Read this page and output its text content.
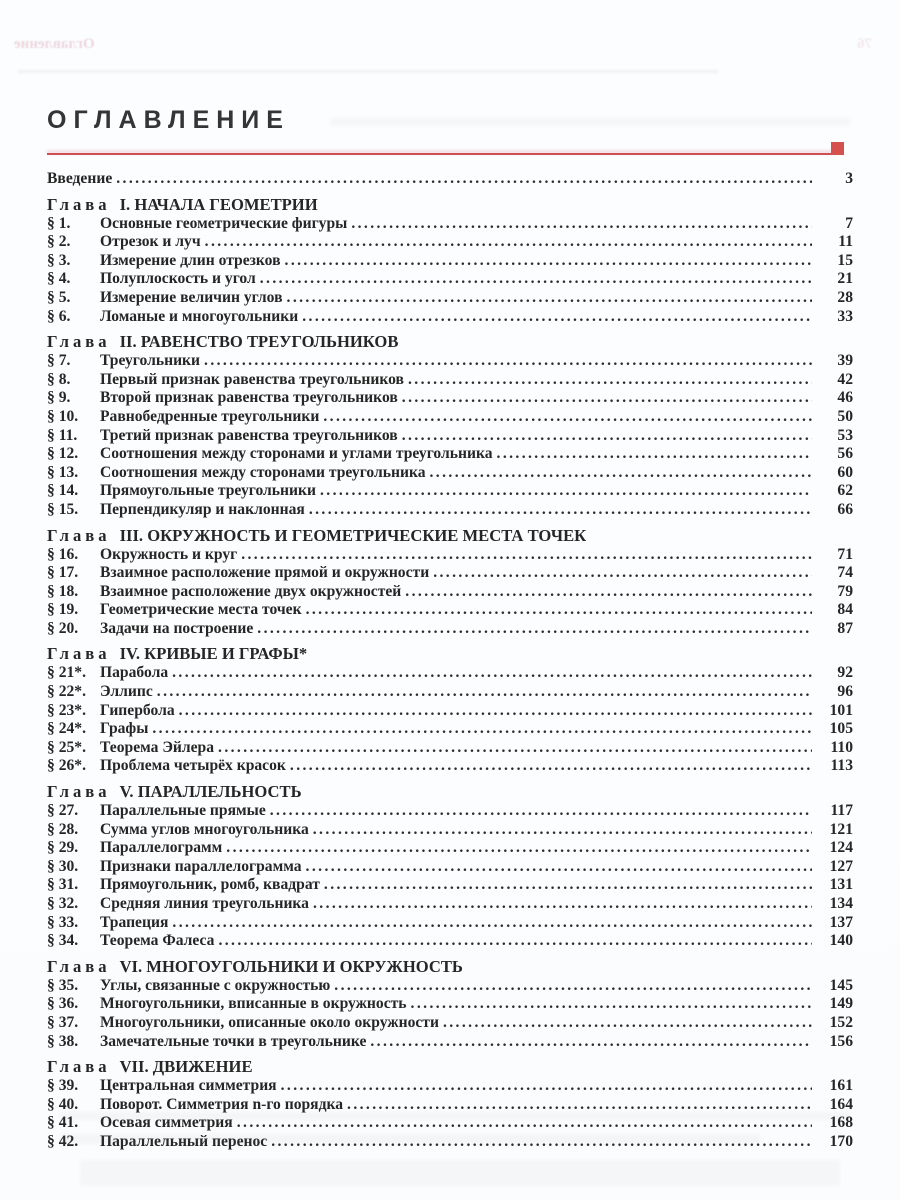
Оглавление	76
ОГЛАВЛЕНИЕ
Введение .....	3
Глава I. НАЧАЛА ГЕОМЕТРИИ
§ 1.	Основные геометрические фигуры .....	7
§ 2.	Отрезок и луч .....	11
§ 3.	Измерение длин отрезков .....	15
§ 4.	Полуплоскость и угол .....	21
§ 5.	Измерение величин углов .....	28
§ 6.	Ломаные и многоугольники .....	33
Глава II. РАВЕНСТВО ТРЕУГОЛЬНИКОВ
§ 7.	Треугольники .....	39
§ 8.	Первый признак равенства треугольников .....	42
§ 9.	Второй признак равенства треугольников .....	46
§ 10.	Равнобедренные треугольники .....	50
§ 11.	Третий признак равенства треугольников .....	53
§ 12.	Соотношения между сторонами и углами треугольника .....	56
§ 13.	Соотношения между сторонами треугольника .....	60
§ 14.	Прямоугольные треугольники .....	62
§ 15.	Перпендикуляр и наклонная .....	66
Глава III. ОКРУЖНОСТЬ И ГЕОМЕТРИЧЕСКИЕ МЕСТА ТОЧЕК
§ 16.	Окружность и круг .....	71
§ 17.	Взаимное расположение прямой и окружности .....	74
§ 18.	Взаимное расположение двух окружностей .....	79
§ 19.	Геометрические места точек .....	84
§ 20.	Задачи на построение .....	87
Глава IV. КРИВЫЕ И ГРАФЫ*
§ 21*. Парабола .....	92
§ 22*. Эллипс .....	96
§ 23*. Гипербола .....	101
§ 24*. Графы .....	105
§ 25*. Теорема Эйлера .....	110
§ 26*. Проблема четырёх красок .....	113
Глава V. ПАРАЛЛЕЛЬНОСТЬ
§ 27.	Параллельные прямые .....	117
§ 28.	Сумма углов многоугольника .....	121
§ 29.	Параллелограмм .....	124
§ 30.	Признаки параллелограмма .....	127
§ 31.	Прямоугольник, ромб, квадрат .....	131
§ 32.	Средняя линия треугольника .....	134
§ 33.	Трапеция .....	137
§ 34.	Теорема Фалеса .....	140
Глава VI. МНОГОУГОЛЬНИКИ И ОКРУЖНОСТЬ
§ 35.	Углы, связанные с окружностью .....	145
§ 36.	Многоугольники, вписанные в окружность .....	149
§ 37.	Многоугольники, описанные около окружности .....	152
§ 38.	Замечательные точки в треугольнике .....	156
Глава VII. ДВИЖЕНИЕ
§ 39.	Центральная симметрия .....	161
§ 40.	Поворот. Симметрия n-го порядка .....	164
§ 41.	Осевая симметрия .....	168
§ 42.	Параллельный перенос .....	170
